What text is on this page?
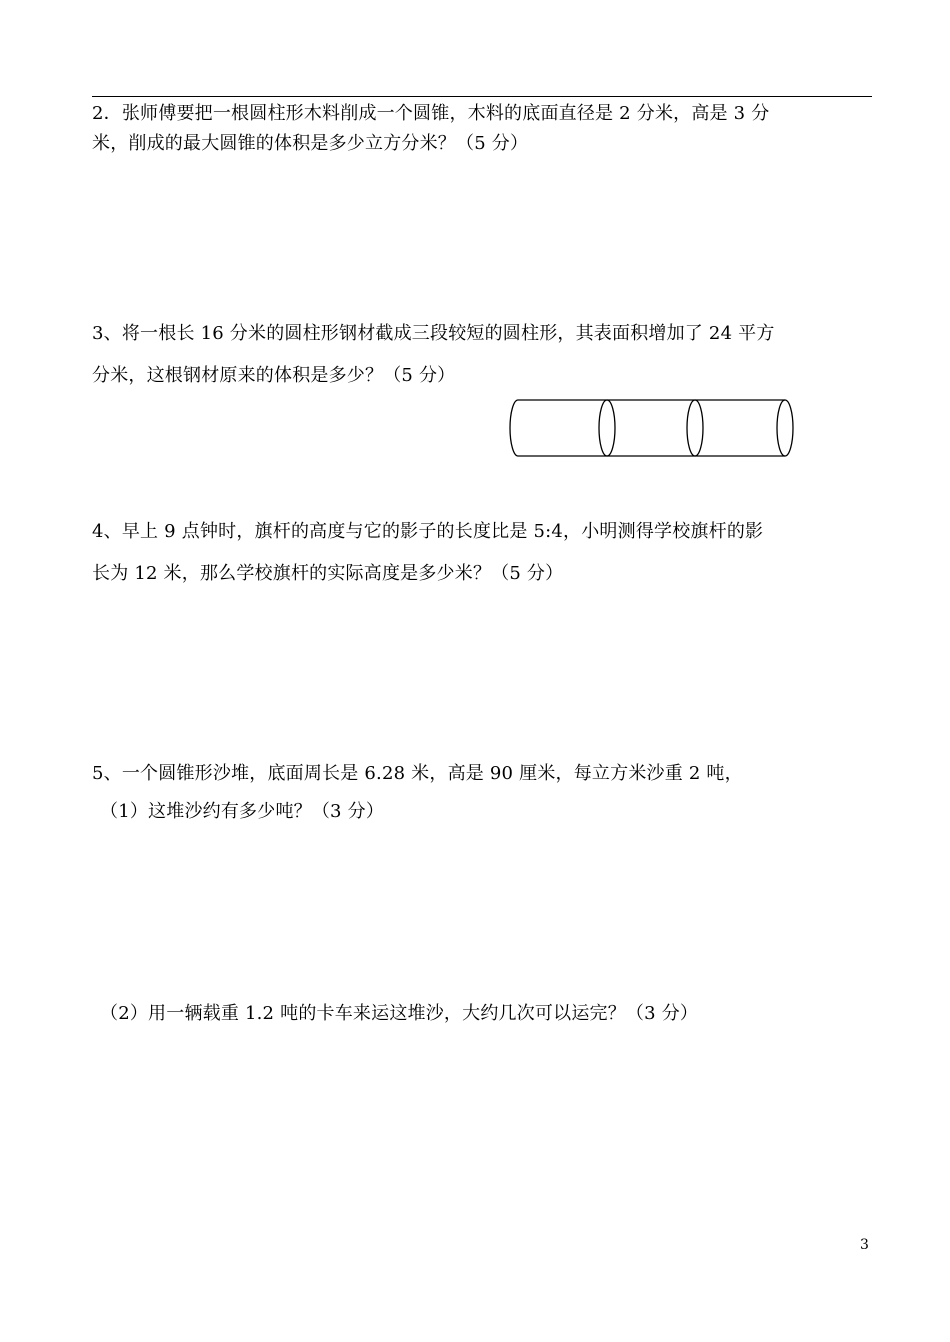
2．张师傅要把一根圆柱形木料削成一个圆锥，木料的底面直径是 2 分米，高是 3 分
米，削成的最大圆锥的体积是多少立方分米？（5 分）
3、将一根长 16 分米的圆柱形钢材截成三段较短的圆柱形，其表面积增加了 24 平方
分米，这根钢材原来的体积是多少？（5 分）
4、早上 9 点钟时，旗杆的高度与它的影子的长度比是 5:4，小明测得学校旗杆的影
长为 12 米，那么学校旗杆的实际高度是多少米？（5 分）
5、一个圆锥形沙堆，底面周长是 6.28 米，高是 90 厘米，每立方米沙重 2 吨，
（1）这堆沙约有多少吨？（3 分）
（2）用一辆载重 1.2 吨的卡车来运这堆沙，大约几次可以运完？（3 分）
3
